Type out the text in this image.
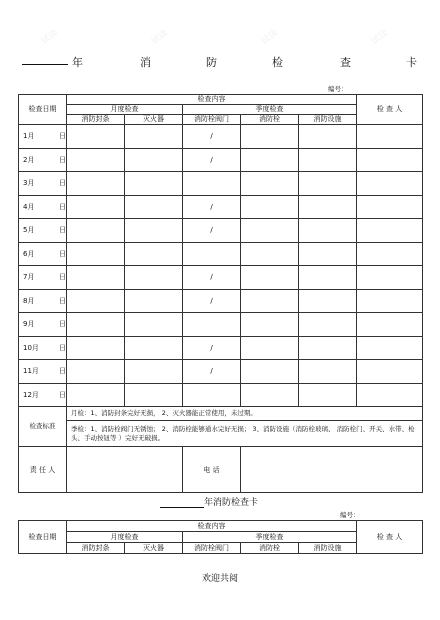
试读	试读	试读	试读
年	消	防	检	查	卡
编号：
检查日期	检查内容					检 查 人
	月度检查		季度检查			
	消防封条	灭火器	消防栓阀门	消防栓	消防设施	
1月 日			/			
2月 日			/			
3月 日						
4月 日			/			
5月 日			/			
6月 日						
7月 日			/			
8月 日			/			
9月 日						
10月 日			/			
11月 日			/			
12月 日						
检查标准	月检：1、消防封条完好无损， 2、灭火器能正常使用，未过期。					
	季检：1、消防栓阀门无锈蚀； 2、消防栓能够通水完好无损； 3、消防设施（消防栓玻璃、 消防栓门、开关、水带、枪头、手动按钮等 ）完好无破损。					
责 任 人			电 话			
年消防检查卡
编号：
检查日期	检查内容					检 查 人
	月度检查		季度检查			
	消防封条	灭火器	消防栓阀门	消防栓	消防设施	
欢迎共阅
